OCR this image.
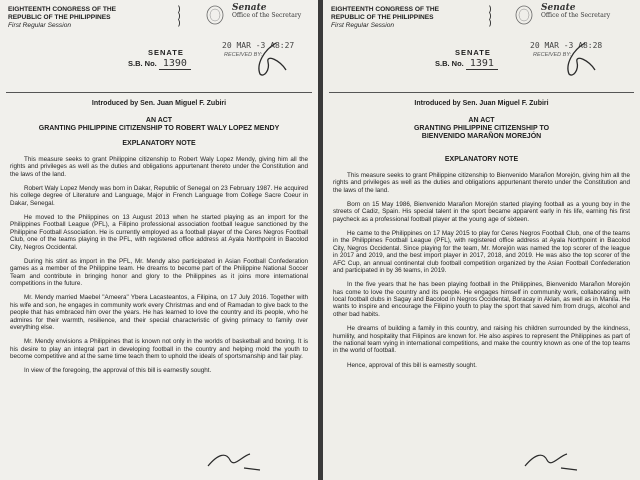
EIGHTEENTH CONGRESS OF THE
REPUBLIC OF THE PHILIPPINES
First Regular Session
)
)
)
Senate
Office of the Secretary
SENATE
20 MAR -3 A8:27
RECEIVED BY:
S.B. No. 1390
Introduced by Sen. Juan Miguel F. Zubiri
AN ACT
GRANTING PHILIPPINE CITIZENSHIP TO ROBERT WALY LOPEZ MENDY
EXPLANATORY NOTE

This measure seeks to grant Philippine citizenship to Robert Waly Lopez Mendy, giving him all the rights and privileges as well as the duties and obligations appurtenant thereto under the Constitution and the laws of the land.

Robert Waly Lopez Mendy was born in Dakar, Republic of Senegal on 23 February 1987. He acquired his college degree of Literature and Language, Major in French Language from College Sacre Coeur in Dakar, Senegal.

He moved to the Philippines on 13 August 2013 when he started playing as an import for the Philippines Football League (PFL), a Filipino professional association football league sanctioned by the Philippine Football Association. He is currently employed as a football player of the Ceres Negros Football Club, one of the teams playing in the PFL, with registered office address at Ayala Northpoint in Bacolod City, Negros Occidental.

During his stint as import in the PFL, Mr. Mendy also participated in Asian Football Confederation games as a member of the Philippine team. He dreams to become part of the Philippine National Soccer Team and contribute in bringing honor and glory to the Philippines as it joins more international competitions in the future.

Mr. Mendy married Maebel "Ameera" Ybera Lacasteantos, a Filipina, on 17 July 2016. Together with his wife and son, he engages in community work every Christmas and end of Ramadan to give back to the people that has embraced him over the years. He has learned to love the country and its people, who he admires for their warmth, resilience, and their special characteristic of giving primacy to family over everything else.

Mr. Mendy envisions a Philippines that is known not only in the worlds of basketball and boxing. It is his desire to play an integral part in developing football in the country and helping mold the youth to become competitive and at the same time teach them to uphold the ideals of sportsmanship and fair play.

In view of the foregoing, the approval of this bill is earnestly sought.

EIGHTEENTH CONGRESS OF THE
REPUBLIC OF THE PHILIPPINES
First Regular Session
)
)
)
Senate
Office of the Secretary
SENATE
20 MAR -3 A8:28
RECEIVED BY:
S.B. No. 1391
Introduced by Sen. Juan Miguel F. Zubiri
AN ACT
GRANTING PHILIPPINE CITIZENSHIP TO
BIENVENIDO MARAÑON MOREJÓN
EXPLANATORY NOTE

This measure seeks to grant Philippine citizenship to Bienvenido Marañon Morejón, giving him all the rights and privileges as well as the duties and obligations appurtenant thereto under the Constitution and the laws of the land.

Born on 15 May 1986, Bienvenido Marañon Morejón started playing football as a young boy in the streets of Cadiz, Spain. His special talent in the sport became apparent early in his life, earning his first paycheck as a professional football player at the young age of sixteen.

He came to the Philippines on 17 May 2015 to play for Ceres Negros Football Club, one of the teams in the Philippines Football League (PFL), with registered office address at Ayala Northpoint in Bacolod City, Negros Occidental. Since playing for the team, Mr. Morejón was named the top scorer of the league in 2017 and 2019, and the best import player in 2017, 2018, and 2019. He was also the top scorer of the AFC Cup, an annual continental club football competition organized by the Asian Football Confederation and participated in by 36 teams, in 2019.

In the five years that he has been playing football in the Philippines, Bienvenido Marañon Morejón has come to love the country and its people. He engages himself in community work, collaborating with local football clubs in Sagay and Bacolod in Negros Occidental, Boracay in Aklan, as well as in Manila. He wants to inspire and encourage the Filipino youth to play the sport that saved him from drugs, alcohol and other bad habits.

He dreams of building a family in this country, and raising his children surrounded by the kindness, humility, and hospitality that Filipinos are known for. He also aspires to represent the Philippines as part of the national team vying in international competitions, and make the country known as one of the top teams in the world of football.

Hence, approval of this bill is earnestly sought.
